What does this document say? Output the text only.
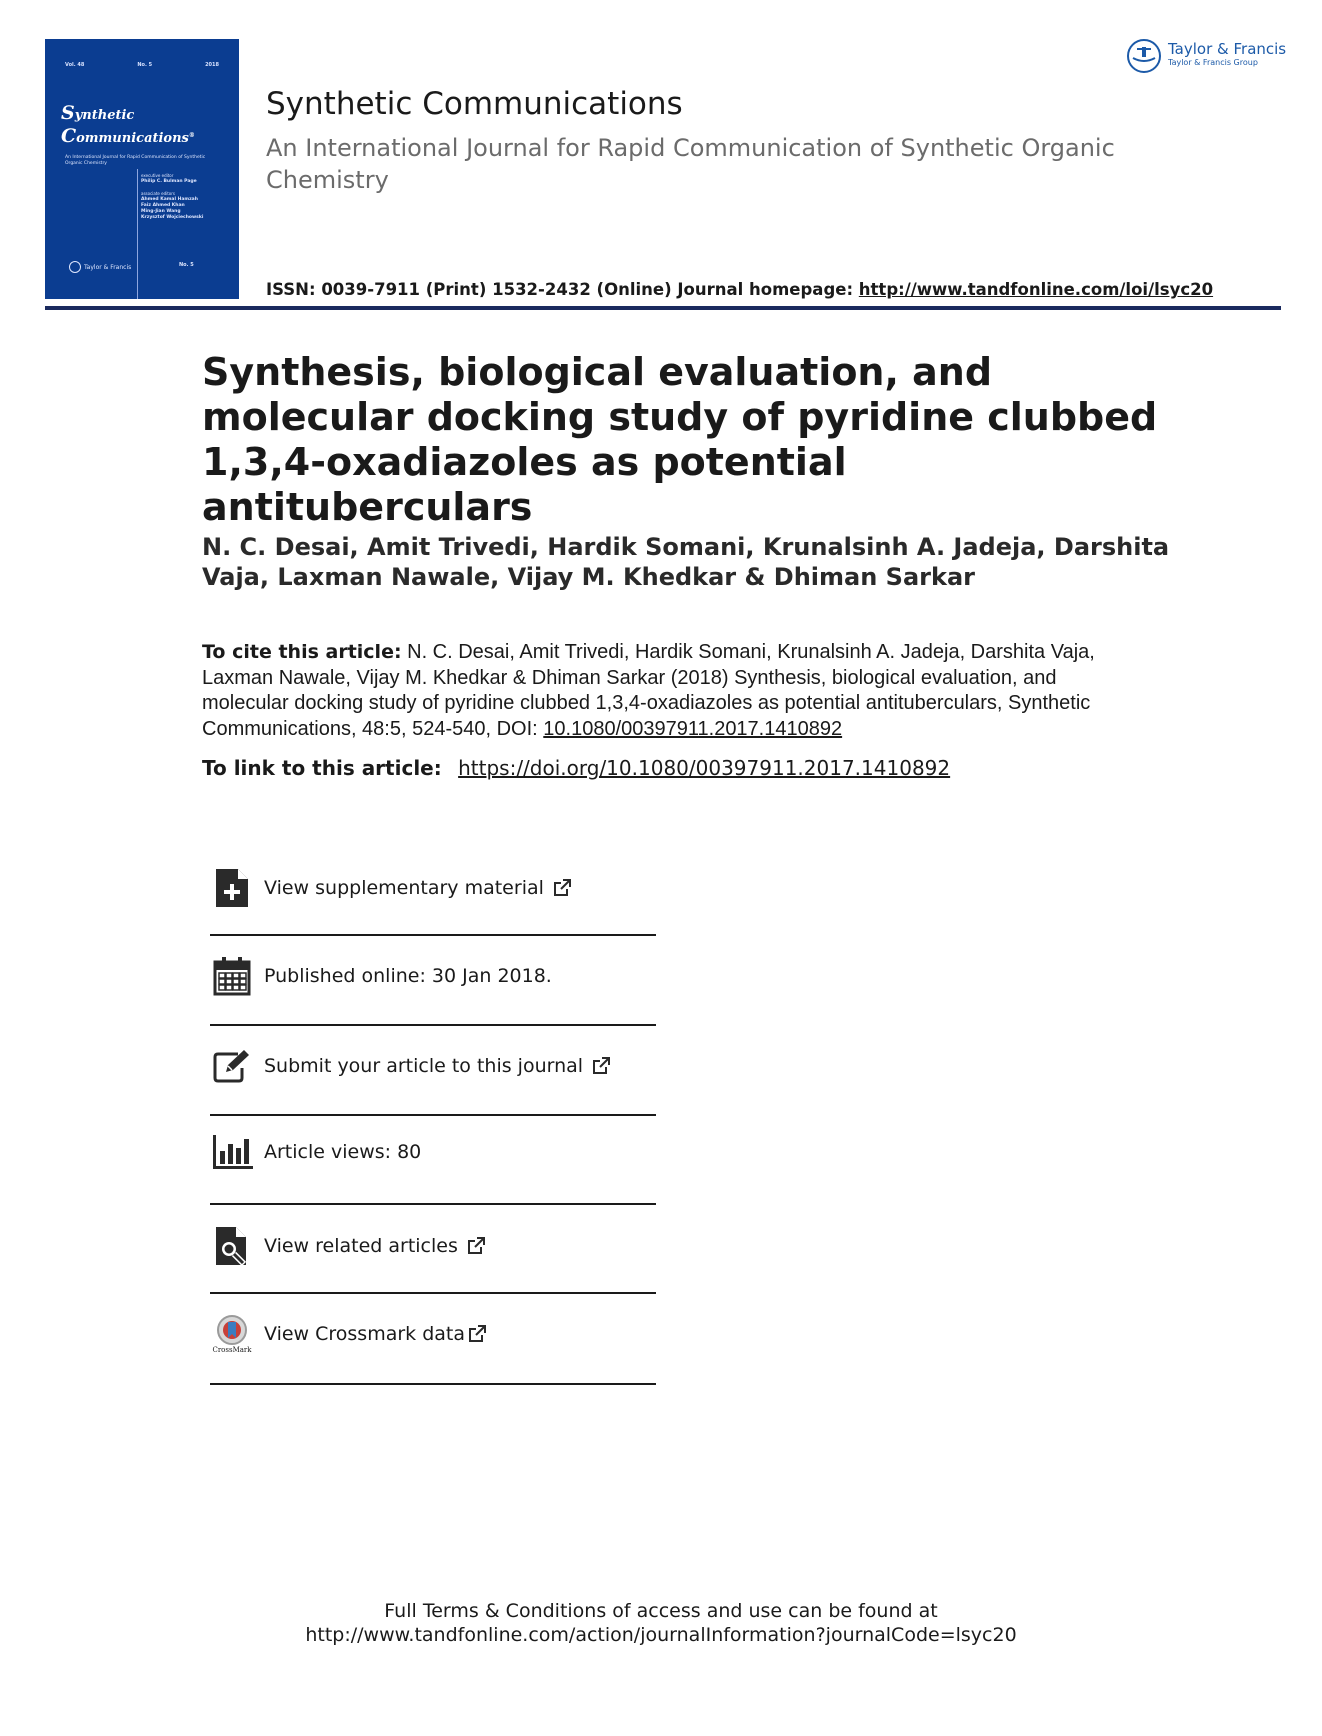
Vol. 48	No. 5	2018
Synthetic
Communications®
An International Journal for Rapid Communication of Synthetic Organic Chemistry
executive editor
Philip C. Bulman Page
associate editors
Ahmed Kamal Hamzah
Faiz Ahmed Khan
Ming-Jian Wang
Krzysztof Wojciechowski
Taylor & Francis	No. 5
Synthetic Communications
An International Journal for Rapid Communication of Synthetic Organic Chemistry
ISSN: 0039-7911 (Print) 1532-2432 (Online) Journal homepage: http://www.tandfonline.com/loi/lsyc20
Taylor & Francis
Taylor & Francis Group
Synthesis, biological evaluation, and molecular docking study of pyridine clubbed 1,3,4-oxadiazoles as potential antituberculars
N. C. Desai, Amit Trivedi, Hardik Somani, Krunalsinh A. Jadeja, Darshita Vaja, Laxman Nawale, Vijay M. Khedkar & Dhiman Sarkar
To cite this article: N. C. Desai, Amit Trivedi, Hardik Somani, Krunalsinh A. Jadeja, Darshita Vaja, Laxman Nawale, Vijay M. Khedkar & Dhiman Sarkar (2018) Synthesis, biological evaluation, and molecular docking study of pyridine clubbed 1,3,4-oxadiazoles as potential antituberculars, Synthetic Communications, 48:5, 524-540, DOI: 10.1080/00397911.2017.1410892
To link to this article: https://doi.org/10.1080/00397911.2017.1410892
View supplementary material
Published online: 30 Jan 2018.
Submit your article to this journal
Article views: 80
View related articles
CrossMark
View Crossmark data
Full Terms & Conditions of access and use can be found at
http://www.tandfonline.com/action/journalInformation?journalCode=lsyc20
